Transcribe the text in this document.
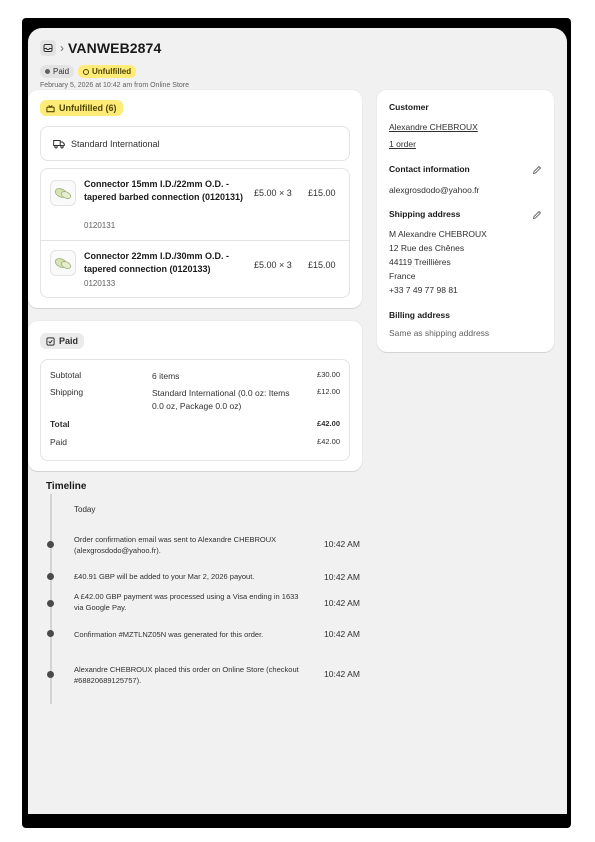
› VANWEB2874
Paid	Unfulfilled
February 5, 2026 at 10:42 am from Online Store
Unfulfilled (6)
Standard International
Connector 15mm I.D./22mm O.D. - tapered barbed connection (0120131)
0120131
£5.00 × 3 £15.00
Connector 22mm I.D./30mm O.D. - tapered connection (0120133)
0120133
£5.00 × 3 £15.00
Paid
Subtotal	6 items	£30.00
Shipping	Standard International (0.0 oz: Items 0.0 oz, Package 0.0 oz)
£12.00
Total	£42.00
Paid	£42.00
Customer
Alexandre CHEBROUX
1 order
Contact information
alexgrosdodo@yahoo.fr
Shipping address
M Alexandre CHEBROUX
12 Rue des Chênes
44119 Treillières
France
+33 7 49 77 98 81
Billing address
Same as shipping address
Timeline
Today
Order confirmation email was sent to Alexandre CHEBROUX (alexgrosdodo@yahoo.fr).
10:42 AM
£40.91 GBP will be added to your Mar 2, 2026 payout.	10:42 AM
A £42.00 GBP payment was processed using a Visa ending in 1633 via Google Pay.	10:42 AM
Confirmation #MZTLNZ05N was generated for this order.	10:42 AM
Alexandre CHEBROUX placed this order on Online Store (checkout #68820689125757).
10:42 AM
